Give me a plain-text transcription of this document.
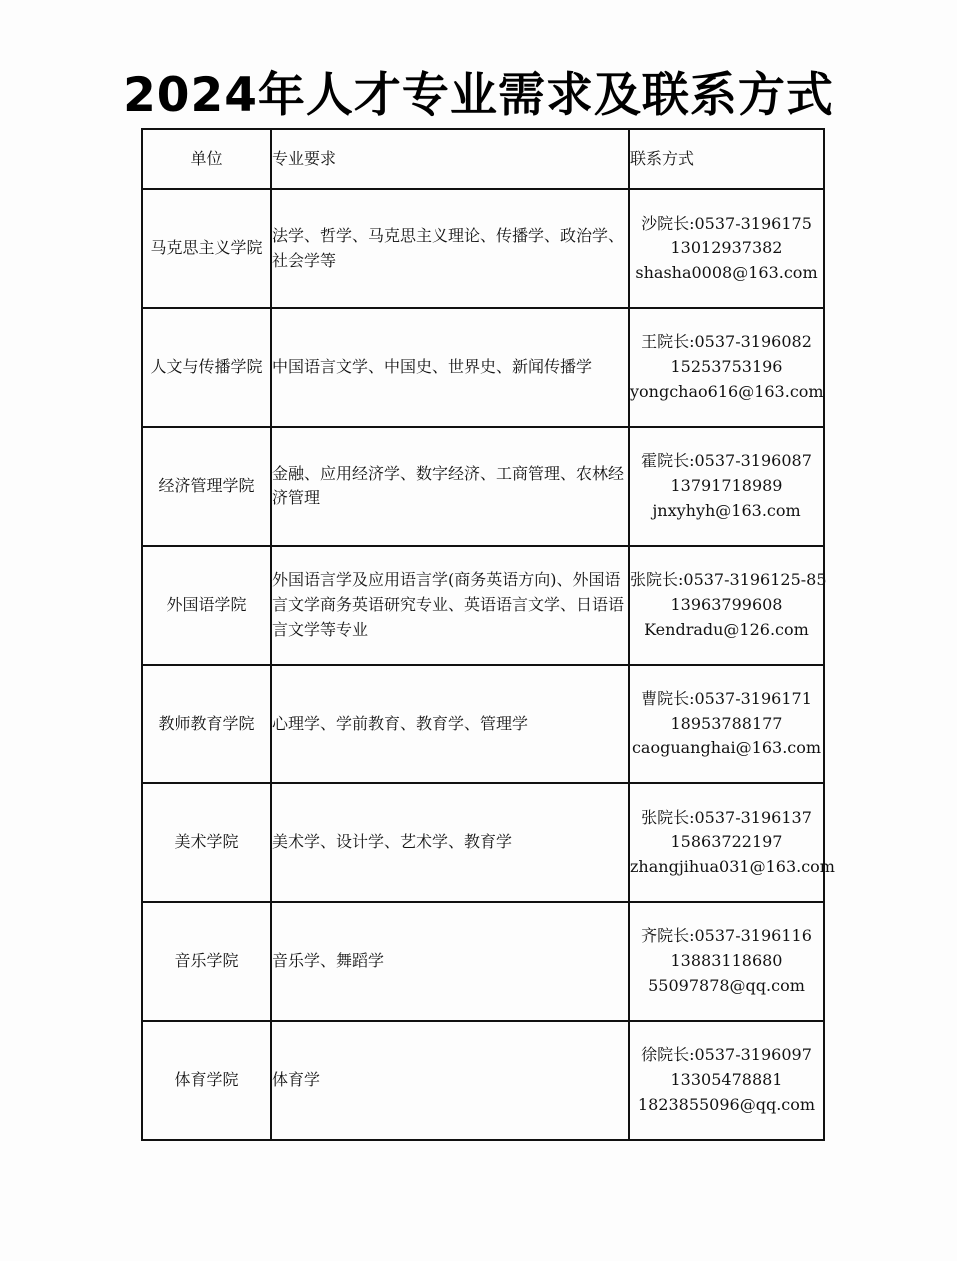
2024年人才专业需求及联系方式
单位	专业要求	联系方式
马克思主义学院	法学、哲学、马克思主义理论、传播学、政治学、社会学等	沙院长:0537-3196175
13012937382
shasha0008@163.com

人文与传播学院	中国语言文学、中国史、世界史、新闻传播学	王院长:0537-3196082
15253753196
yongchao616@163.com

经济管理学院	金融、应用经济学、数字经济、工商管理、农林经济管理	霍院长:0537-3196087
13791718989
jnxyhyh@163.com

外国语学院	外国语言学及应用语言学(商务英语方向)、外国语言文学商务英语研究专业、英语语言文学、日语语言文学等专业	张院长:0537-3196125-85
13963799608
Kendradu@126.com

教师教育学院	心理学、学前教育、教育学、管理学	曹院长:0537-3196171
18953788177
caoguanghai@163.com

美术学院	美术学、设计学、艺术学、教育学	张院长:0537-3196137
15863722197
zhangjihua031@163.com

音乐学院	音乐学、舞蹈学	齐院长:0537-3196116
13883118680
55097878@qq.com

体育学院	体育学	徐院长:0537-3196097
13305478881
1823855096@qq.com
